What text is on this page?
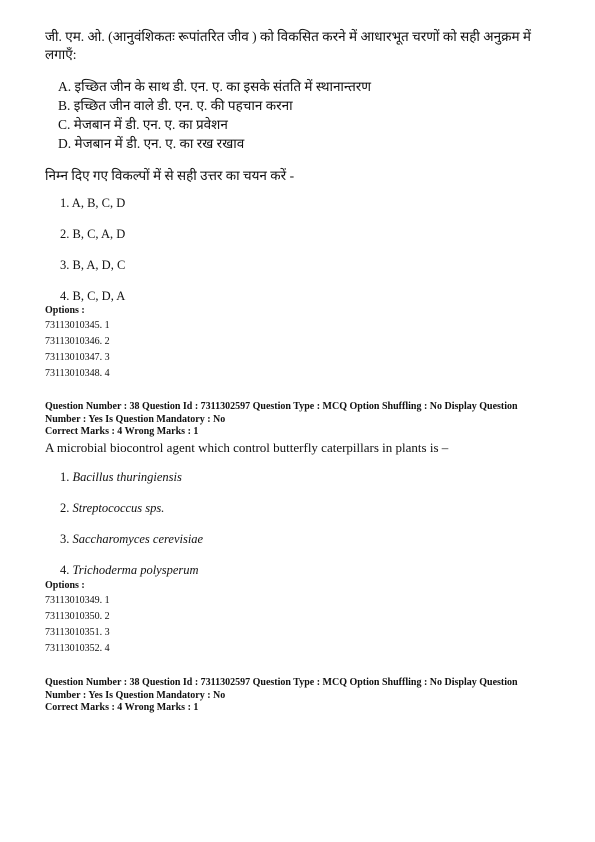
जी. एम. ओ. (आनुवंशिकतः रूपांतरित जीव ) को विकसित करने में आधारभूत चरणों को सही अनुक्रम में लगाएँ:
A. इच्छित जीन के साथ डी. एन. ए. का इसके संतति में स्थानान्तरण
B. इच्छित जीन वाले डी. एन. ए. की पहचान करना
C. मेजबान में डी. एन. ए. का प्रवेशन
D. मेजबान में डी. एन. ए. का रख रखाव
निम्न दिए गए विकल्पों में से सही उत्तर का चयन करें -
1. A, B, C, D
2. B, C, A, D
3. B, A, D, C
4. B, C, D, A
Options :
73113010345. 1
73113010346. 2
73113010347. 3
73113010348. 4
Question Number : 38 Question Id : 7311302597 Question Type : MCQ Option Shuffling : No Display Question
Number : Yes Is Question Mandatory : No
Correct Marks : 4 Wrong Marks : 1
A microbial biocontrol agent which control butterfly caterpillars in plants is –
1. Bacillus thuringiensis
2. Streptococcus sps.
3. Saccharomyces cerevisiae
4. Trichoderma polysperum
Options :
73113010349. 1
73113010350. 2
73113010351. 3
73113010352. 4
Question Number : 38 Question Id : 7311302597 Question Type : MCQ Option Shuffling : No Display Question
Number : Yes Is Question Mandatory : No
Correct Marks : 4 Wrong Marks : 1
